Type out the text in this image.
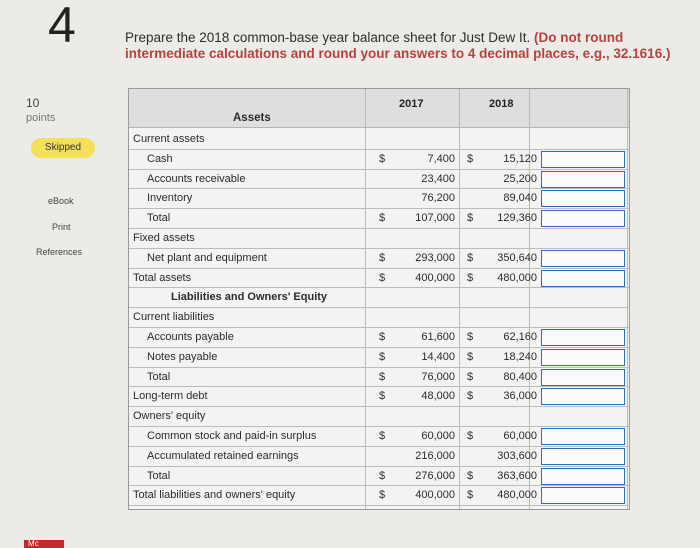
4	Prepare the 2018 common-base year balance sheet for Just Dew It. (Do not round intermediate calculations and round your answers to 4 decimal places, e.g., 32.1616.)
10
points
Skipped
eBook
Print
References
Mc
2017	2018
Assets
Current assets
Cash	$	7,400 $	15,120
Accounts receivable	23,400	25,200
Inventory	76,200	89,040
Total	$	107,000 $	129,360
Fixed assets
Net plant and equipment	$	293,000 $	350,640
Total assets	$	400,000 $	480,000
Liabilities and Owners' Equity
Current liabilities
Accounts payable	$	61,600 $	62,160
Notes payable	$	14,400 $	18,240
Total	$	76,000 $	80,400
Long-term debt	$	48,000 $	36,000
Owners' equity
Common stock and paid-in surplus	$	60,000 $	60,000
Accumulated retained earnings	216,000	303,600
Total	$	276,000 $	363,600
Total liabilities and owners' equity	$	400,000 $	480,000
